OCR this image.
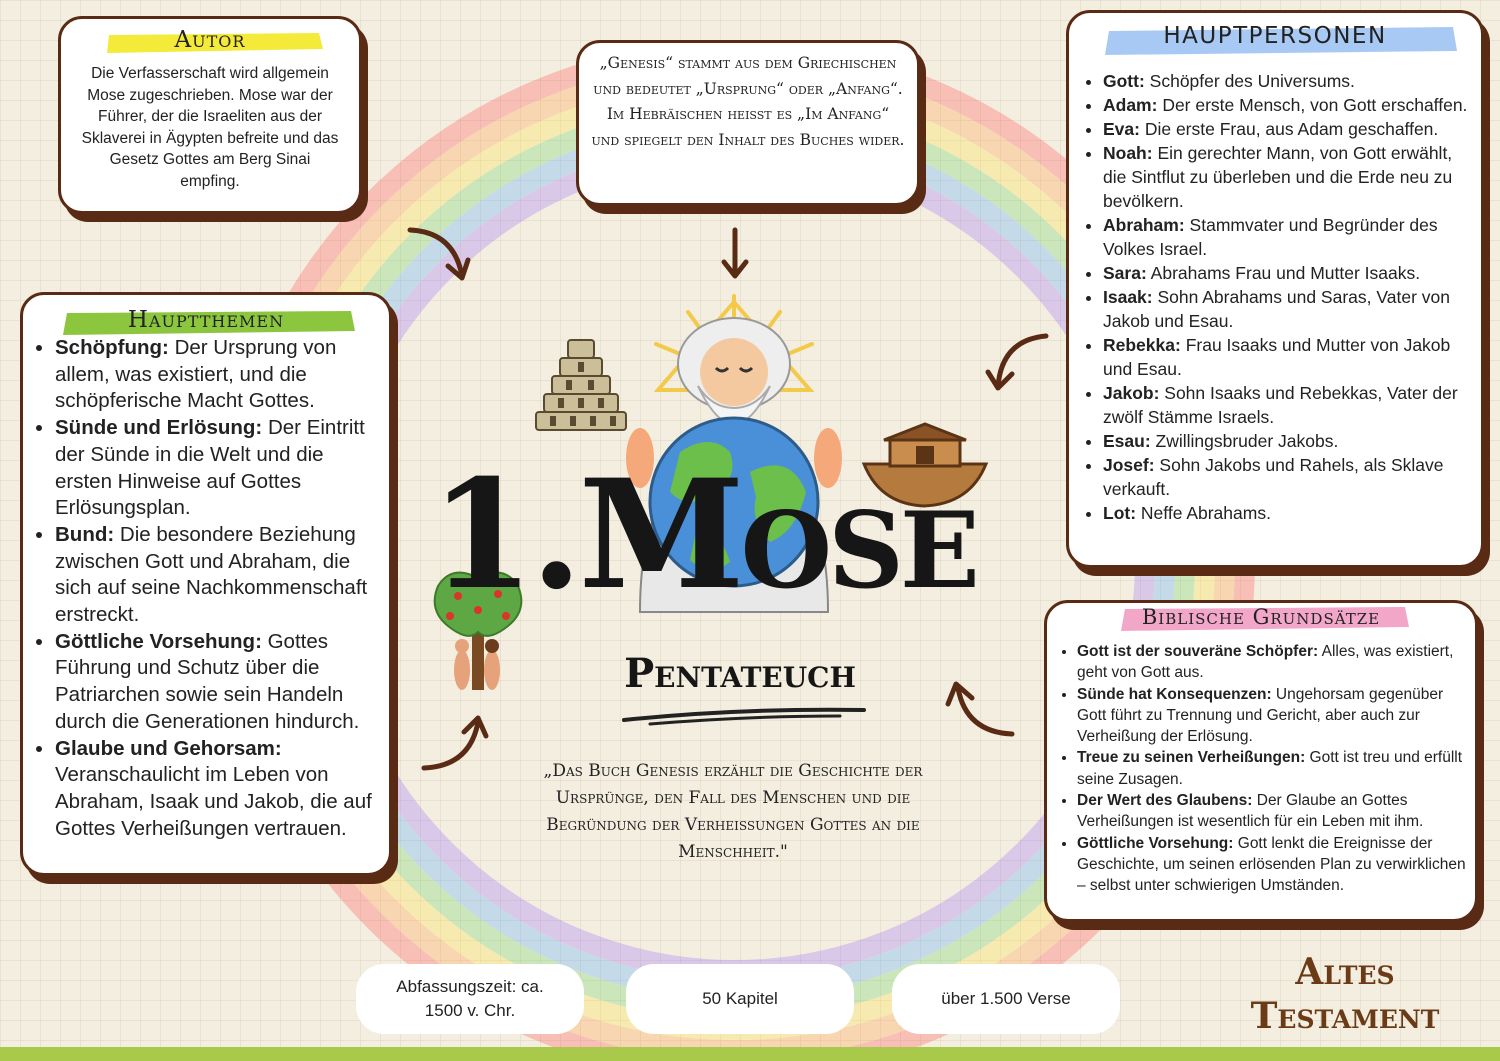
Autor

Die Verfasserschaft wird allgemein Mose zugeschrieben. Mose war der Führer, der die Israeliten aus der Sklaverei in Ägypten befreite und das Gesetz Gottes am Berg Sinai empfing.

„Genesis“ stammt aus dem Griechischen und bedeutet „Ursprung“ oder „Anfang“. Im Hebräischen heisst es „Im Anfang“ und spiegelt den Inhalt des Buches wider.

HAUPTPERSONEN
• Gott: Schöpfer des Universums.
• Adam: Der erste Mensch, von Gott erschaffen.
• Eva: Die erste Frau, aus Adam geschaffen.
• Noah: Ein gerechter Mann, von Gott erwählt, die Sintflut zu überleben und die Erde neu zu bevölkern.
• Abraham: Stammvater und Begründer des Volkes Israel.
• Sara: Abrahams Frau und Mutter Isaaks.
• Isaak: Sohn Abrahams und Saras, Vater von Jakob und Esau.
• Rebekka: Frau Isaaks und Mutter von Jakob und Esau.
• Jakob: Sohn Isaaks und Rebekkas, Vater der zwölf Stämme Israels.
• Esau: Zwillingsbruder Jakobs.
• Josef: Sohn Jakobs und Rahels, als Sklave verkauft.
• Lot: Neffe Abrahams.
Hauptthemen
• Schöpfung: Der Ursprung von allem, was existiert, und die schöpferische Macht Gottes.
• Sünde und Erlösung: Der Eintritt der Sünde in die Welt und die ersten Hinweise auf Gottes Erlösungsplan.
• Bund: Die besondere Beziehung zwischen Gott und Abraham, die sich auf seine Nachkommenschaft erstreckt.
• Göttliche Vorsehung: Gottes Führung und Schutz über die Patriarchen sowie sein Handeln durch die Generationen hindurch.
• Glaube und Gehorsam: Veranschaulicht im Leben von Abraham, Isaak und Jakob, die auf Gottes Verheißungen vertrauen.
Biblische Grundsätze
• Gott ist der souveräne Schöpfer: Alles, was existiert, geht von Gott aus.
• Sünde hat Konsequenzen: Ungehorsam gegenüber Gott führt zu Trennung und Gericht, aber auch zur Verheißung der Erlösung.
• Treue zu seinen Verheißungen: Gott ist treu und erfüllt seine Zusagen.
• Der Wert des Glaubens: Der Glaube an Gottes Verheißungen ist wesentlich für ein Leben mit ihm.
• Göttliche Vorsehung: Gott lenkt die Ereignisse der Geschichte, um seinen erlösenden Plan zu verwirklichen – selbst unter schwierigen Umständen.
1.Mose
Pentateuch

„Das Buch Genesis erzählt die Geschichte der Ursprünge, den Fall des Menschen und die Begründung der Verheissungen Gottes an die Menschheit."

Abfassungszeit: ca. 1500 v. Chr.
50 Kapitel	über 1.500 Verse
Altes
Testament
